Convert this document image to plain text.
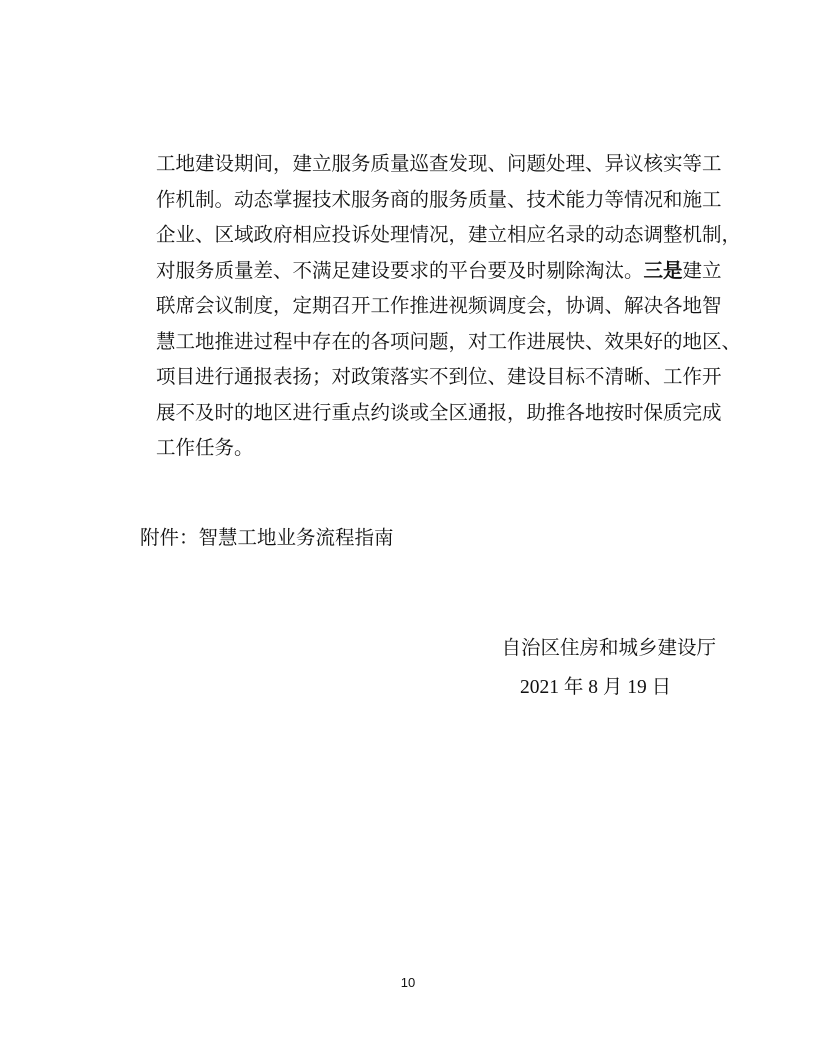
工地建设期间，建立服务质量巡查发现、问题处理、异议核实等工
作机制。动态掌握技术服务商的服务质量、技术能力等情况和施工
企业、区域政府相应投诉处理情况，建立相应名录的动态调整机制，
对服务质量差、不满足建设要求的平台要及时剔除淘汰。三是建立
联席会议制度，定期召开工作推进视频调度会，协调、解决各地智
慧工地推进过程中存在的各项问题，对工作进展快、效果好的地区、
项目进行通报表扬；对政策落实不到位、建设目标不清晰、工作开
展不及时的地区进行重点约谈或全区通报，助推各地按时保质完成
工作任务。
附件：智慧工地业务流程指南
自治区住房和城乡建设厅
2021 年 8 月 19 日
10
